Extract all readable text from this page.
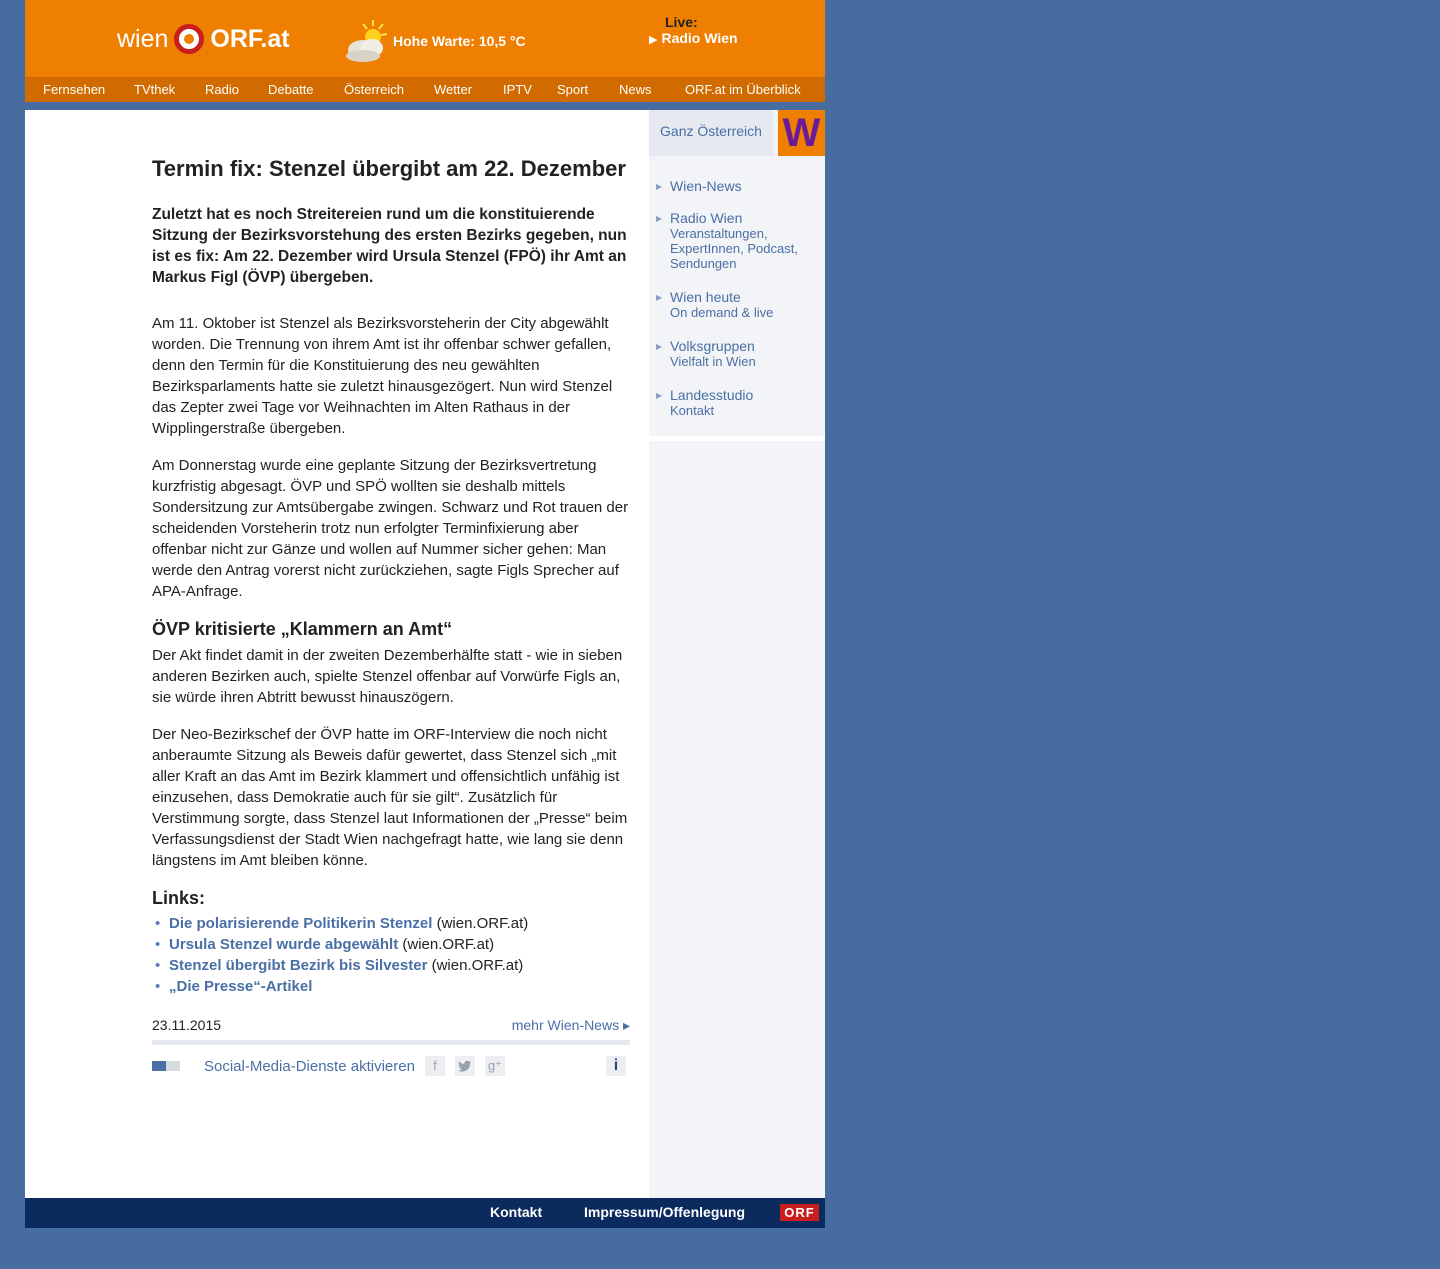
wien ORF.at	Hohe Warte: 10,5 °C
Live:
▶ Radio Wien
Fernsehen TVthek Radio Debatte Österreich Wetter IPTV Sport News	ORF.at im Überblick
Termin fix: Stenzel übergibt am 22. Dezember
Zuletzt hat es noch Streitereien rund um die konstituierende Sitzung der Bezirksvorstehung des ersten Bezirks gegeben, nun ist es fix: Am 22. Dezember wird Ursula Stenzel (FPÖ) ihr Amt an Markus Figl (ÖVP) übergeben.

Am 11. Oktober ist Stenzel als Bezirksvorsteherin der City abgewählt worden. Die Trennung von ihrem Amt ist ihr offenbar schwer gefallen, denn den Termin für die Konstituierung des neu gewählten Bezirksparlaments hatte sie zuletzt hinausgezögert. Nun wird Stenzel das Zepter zwei Tage vor Weihnachten im Alten Rathaus in der Wipplingerstraße übergeben.

Am Donnerstag wurde eine geplante Sitzung der Bezirksvertretung kurzfristig abgesagt. ÖVP und SPÖ wollten sie deshalb mittels Sondersitzung zur Amtsübergabe zwingen. Schwarz und Rot trauen der scheidenden Vorsteherin trotz nun erfolgter Terminfixierung aber offenbar nicht zur Gänze und wollen auf Nummer sicher gehen: Man werde den Antrag vorerst nicht zurückziehen, sagte Figls Sprecher auf APA-Anfrage.

ÖVP kritisierte „Klammern an Amt“

Der Akt findet damit in der zweiten Dezemberhälfte statt - wie in sieben anderen Bezirken auch, spielte Stenzel offenbar auf Vorwürfe Figls an, sie würde ihren Abtritt bewusst hinauszögern.

Der Neo-Bezirkschef der ÖVP hatte im ORF-Interview die noch nicht anberaumte Sitzung als Beweis dafür gewertet, dass Stenzel sich „mit aller Kraft an das Amt im Bezirk klammert und offensichtlich unfähig ist einzusehen, dass Demokratie auch für sie gilt“. Zusätzlich für Verstimmung sorgte, dass Stenzel laut Informationen der „Presse“ beim Verfassungsdienst der Stadt Wien nachgefragt hatte, wie lang sie denn längstens im Amt bleiben könne.

Links:
• Die polarisierende Politikerin Stenzel (wien.ORF.at)
• Ursula Stenzel wurde abgewählt (wien.ORF.at)
• Stenzel übergibt Bezirk bis Silvester (wien.ORF.at)
• „Die Presse“-Artikel
23.11.2015	mehr Wien-News ▸
Social-Media-Dienste aktivieren	f	g⁺	i
Ganz Österreich W
▶ Wien-News
▶ Radio Wien
Veranstaltungen, ExpertInnen, Podcast, Sendungen
▶ Wien heute
On demand & live
▶ Volksgruppen
Vielfalt in Wien
▶ Landesstudio
Kontakt
Kontakt	Impressum/Offenlegung	ORF
